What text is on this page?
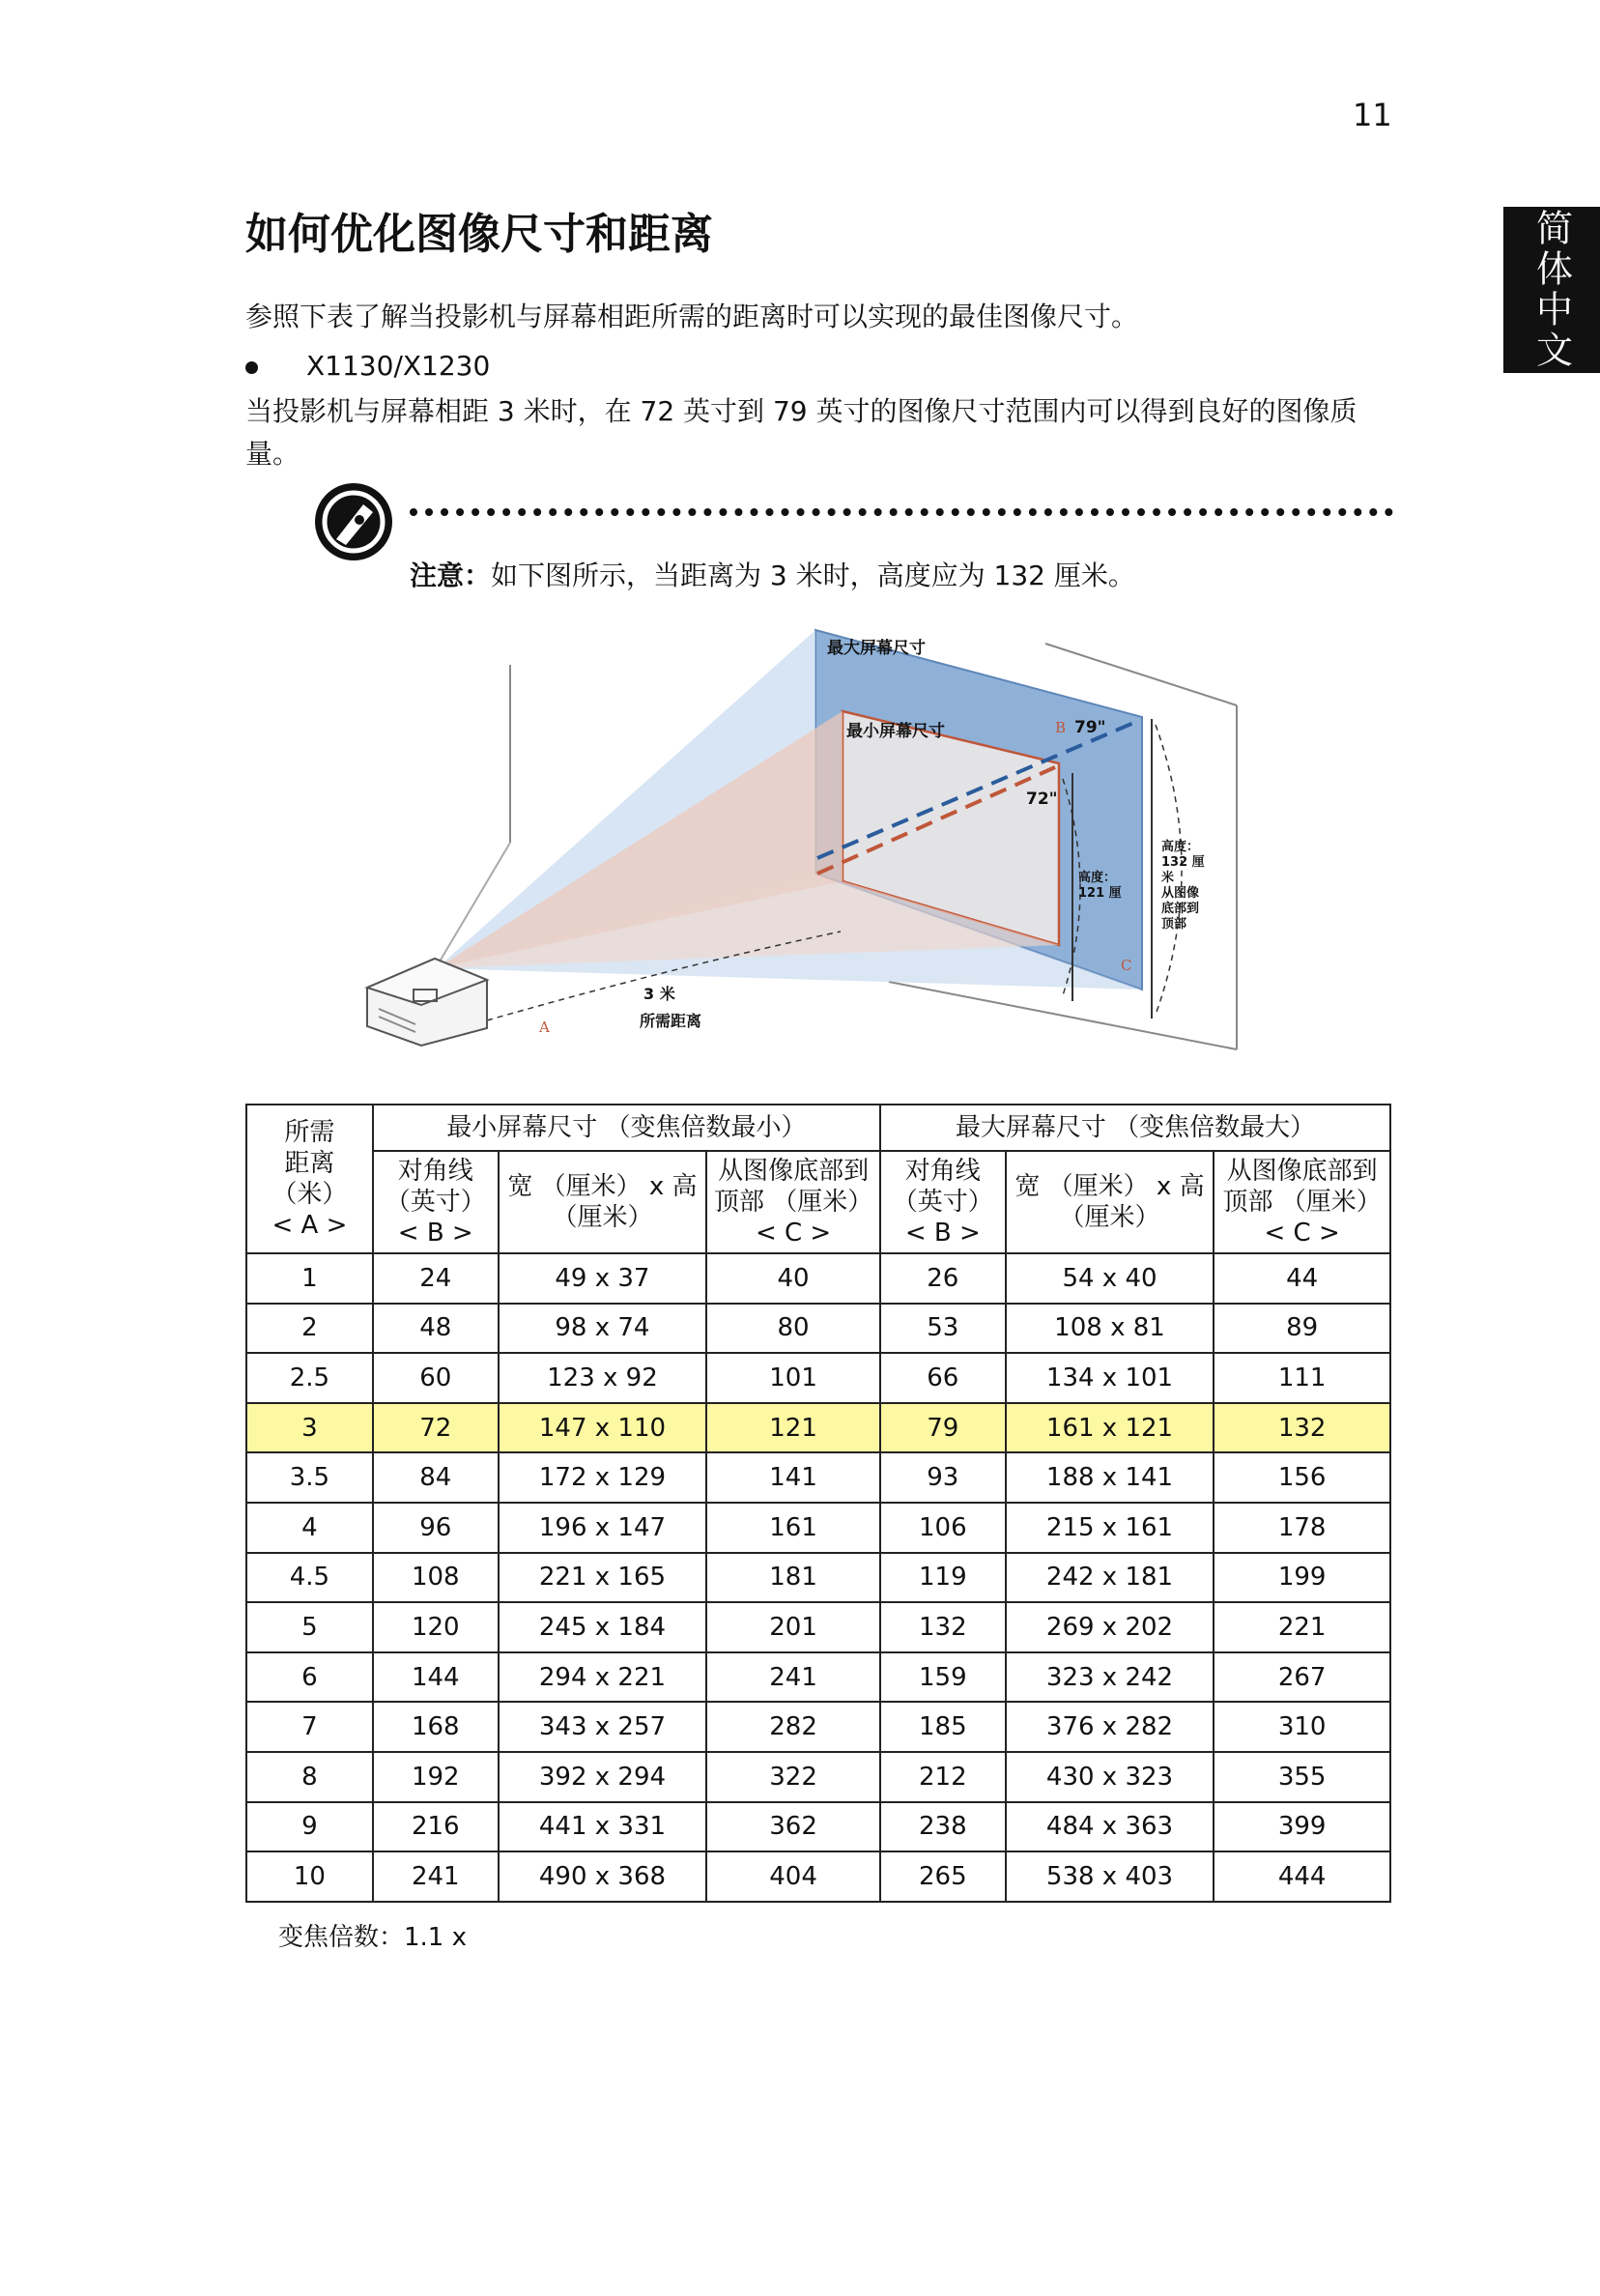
11
简体中文
如何优化图像尺寸和距离
参照下表了解当投影机与屏幕相距所需的距离时可以实现的最佳图像尺寸。
X1130/X1230
当投影机与屏幕相距 3 米时，在 72 英寸到 79 英寸的图像尺寸范围内可以得到良好的图像质量。
注意：如下图所示，当距离为 3 米时，高度应为 132 厘米。
最大屏幕尺寸
最小屏幕尺寸	79"
72"
B
C
A
高度：
121 厘
高度：
132 厘
米
从图像
底部到
顶部
3 米
所需距离
所需
距离
（米）
< A >	最小屏幕尺寸 （变焦倍数最小）			最大屏幕尺寸 （变焦倍数最大）		
	对角线
（英寸）
< B >	宽 （厘米） x 高
（厘米）	从图像底部到
顶部 （厘米）
< C >	对角线
（英寸）
< B >	宽 （厘米） x 高
（厘米）	从图像底部到
顶部 （厘米）
< C >
1	24	49 x 37	40	26	54 x 40	44
2	48	98 x 74	80	53	108 x 81	89
2.5	60	123 x 92	101	66	134 x 101	111
3	72	147 x 110	121	79	161 x 121	132
3.5	84	172 x 129	141	93	188 x 141	156
4	96	196 x 147	161	106	215 x 161	178
4.5	108	221 x 165	181	119	242 x 181	199
5	120	245 x 184	201	132	269 x 202	221
6	144	294 x 221	241	159	323 x 242	267
7	168	343 x 257	282	185	376 x 282	310
8	192	392 x 294	322	212	430 x 323	355
9	216	441 x 331	362	238	484 x 363	399
10	241	490 x 368	404	265	538 x 403	444
变焦倍数：1.1 x
